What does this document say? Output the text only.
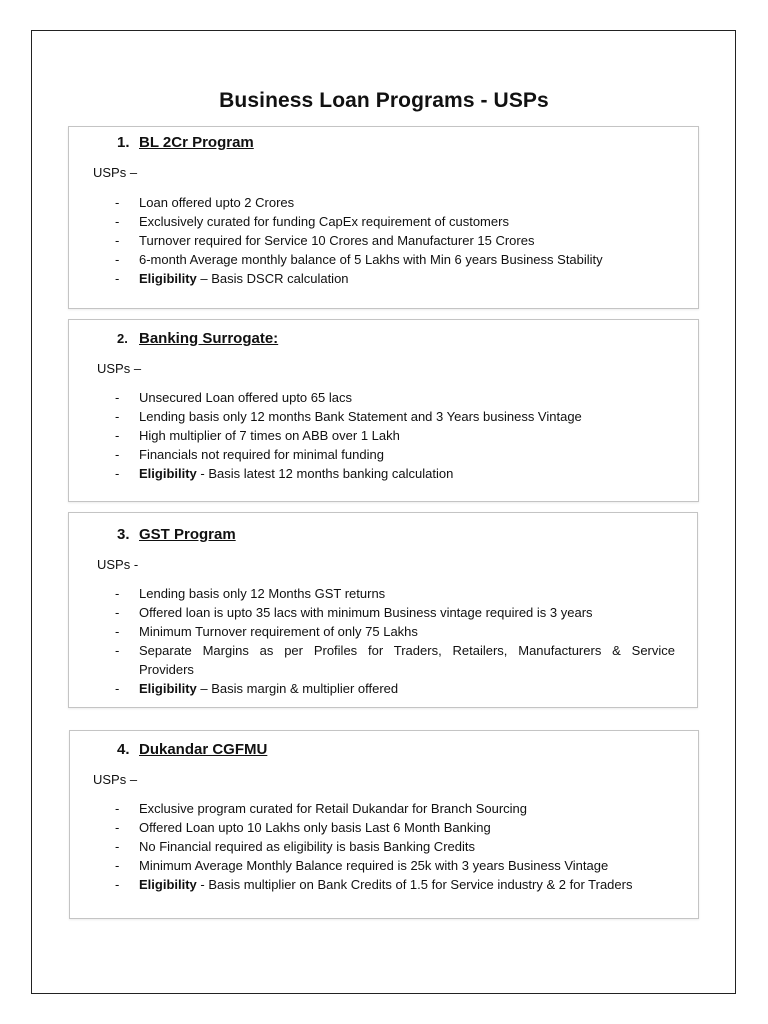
Business Loan Programs - USPs
1. BL 2Cr Program
USPs –
- Loan offered upto 2 Crores
- Exclusively curated for funding CapEx requirement of customers
- Turnover required for Service 10 Crores and Manufacturer 15 Crores
- 6-month Average monthly balance of 5 Lakhs with Min 6 years Business Stability
- Eligibility – Basis DSCR calculation
2. Banking Surrogate:
USPs –
- Unsecured Loan offered upto 65 lacs
- Lending basis only 12 months Bank Statement and 3 Years business Vintage
- High multiplier of 7 times on ABB over 1 Lakh
- Financials not required for minimal funding
- Eligibility - Basis latest 12 months banking calculation
3. GST Program
USPs -
- Lending basis only 12 Months GST returns
- Offered loan is upto 35 lacs with minimum Business vintage required is 3 years
- Minimum Turnover requirement of only 75 Lakhs
- Separate Margins as per Profiles for Traders, Retailers, Manufacturers & Service
Providers
- Eligibility – Basis margin & multiplier offered
4. Dukandar CGFMU
USPs –
- Exclusive program curated for Retail Dukandar for Branch Sourcing
- Offered Loan upto 10 Lakhs only basis Last 6 Month Banking
- No Financial required as eligibility is basis Banking Credits
- Minimum Average Monthly Balance required is 25k with 3 years Business Vintage
- Eligibility - Basis multiplier on Bank Credits of 1.5 for Service industry & 2 for Traders
